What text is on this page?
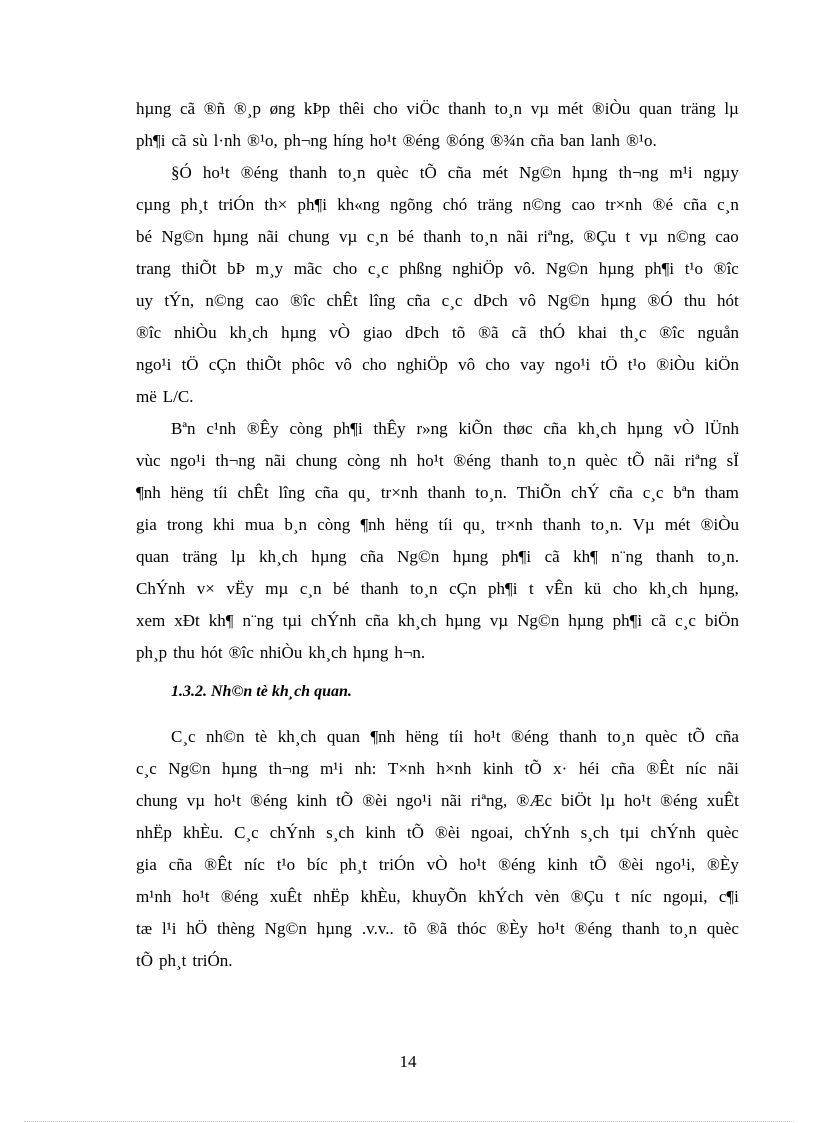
hµng cã ®ñ ®¸p øng kÞp thêi cho viÖc thanh to¸n vµ mét ®iÒu quan träng lµ
ph¶i cã sù l·nh ®¹o, ph¬ng híng ho¹t ®éng ®óng ®¾n cña ban lanh ®¹o.
§Ó ho¹t ®éng thanh to¸n quèc tÕ cña mét Ng©n hµng th¬ng m¹i ngµy
cµng ph¸t triÓn th× ph¶i kh«ng ngõng chó träng n©ng cao tr×nh ®é cña c¸n
bé Ng©n hµng nãi chung vµ c¸n bé thanh to¸n nãi riªng, ®Çu t vµ n©ng cao
trang thiÕt bÞ m¸y mãc cho c¸c phßng nghiÖp vô. Ng©n hµng ph¶i t¹o ®îc
uy tÝn, n©ng cao ®îc chÊt lîng cña c¸c dÞch vô Ng©n hµng ®Ó thu hót
®îc nhiÒu kh¸ch hµng vÒ giao dÞch tõ ®ã cã thÓ khai th¸c ®îc nguån
ngo¹i tÖ cÇn thiÕt phôc vô cho nghiÖp vô cho vay ngo¹i tÖ t¹o ®iÒu kiÖn
më L/C.
Bªn c¹nh ®Êy còng ph¶i thÊy r»ng kiÕn thøc cña kh¸ch hµng vÒ lÜnh
vùc ngo¹i th¬ng nãi chung còng nh ho¹t ®éng thanh to¸n quèc tÕ nãi riªng sÏ
¶nh hëng tíi chÊt lîng cña qu¸ tr×nh thanh to¸n. ThiÕn chÝ cña c¸c bªn tham
gia trong khi mua b¸n còng ¶nh hëng tíi qu¸ tr×nh thanh to¸n. Vµ mét ®iÒu
quan träng lµ kh¸ch hµng cña Ng©n hµng ph¶i cã kh¶ n¨ng thanh to¸n.
ChÝnh v× vËy mµ c¸n bé thanh to¸n cÇn ph¶i t vÊn kü cho kh¸ch hµng,
xem xÐt kh¶ n¨ng tµi chÝnh cña kh¸ch hµng vµ Ng©n hµng ph¶i cã c¸c biÖn
ph¸p thu hót ®îc nhiÒu kh¸ch hµng h¬n.
1.3.2. Nh©n tè kh¸ch quan.
C¸c nh©n tè kh¸ch quan ¶nh hëng tíi ho¹t ®éng thanh to¸n quèc tÕ cña
c¸c Ng©n hµng th¬ng m¹i nh: T×nh h×nh kinh tÕ x· héi cña ®Êt níc nãi
chung vµ ho¹t ®éng kinh tÕ ®èi ngo¹i nãi riªng, ®Æc biÖt lµ ho¹t ®éng xuÊt
nhËp khÈu. C¸c chÝnh s¸ch kinh tÕ ®èi ngoai, chÝnh s¸ch tµi chÝnh quèc
gia cña ®Êt níc t¹o bíc ph¸t triÓn vÒ ho¹t ®éng kinh tÕ ®èi ngo¹i, ®Èy
m¹nh ho¹t ®éng xuÊt nhËp khÈu, khuyÕn khÝch vèn ®Çu t níc ngoµi, c¶i
tæ l¹i hÖ thèng Ng©n hµng .v.v.. tõ ®ã thóc ®Èy ho¹t ®éng thanh to¸n quèc
tÕ ph¸t triÓn.
14
